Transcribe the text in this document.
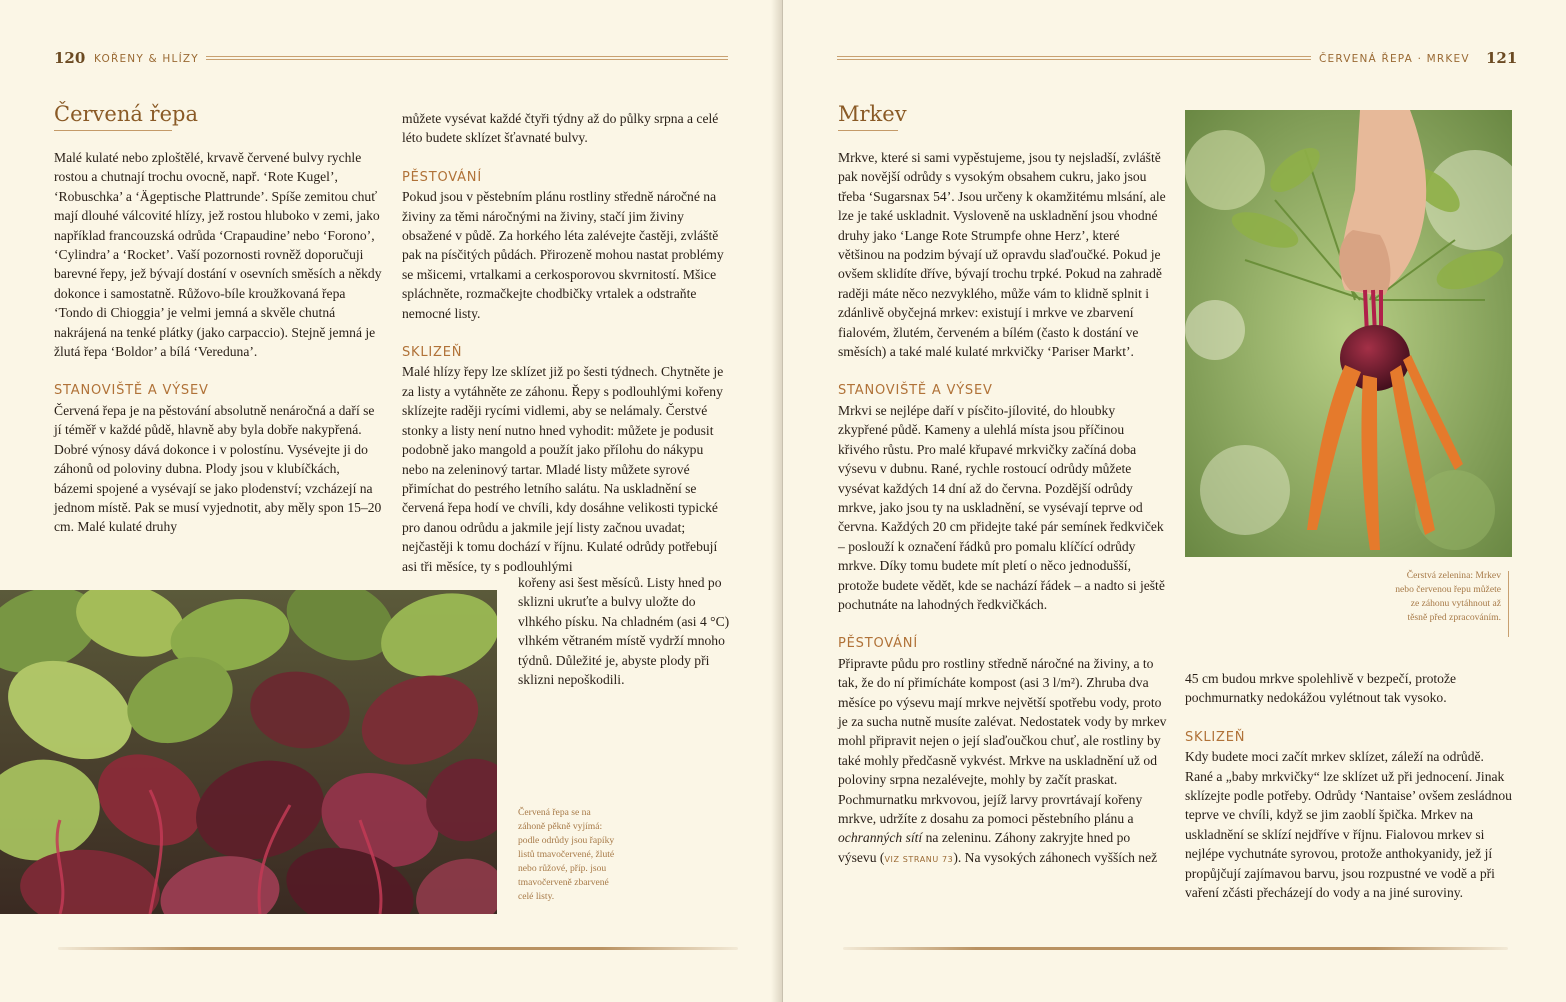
120 KOŘENY & HLÍZY
Červená řepa

Malé kulaté nebo zploštělé, krvavě červené bulvy rychle rostou a chutnají trochu ovocně, např. ‘Rote Kugel’, ‘Robuschka’ a ‘Ägeptische Plattrunde’. Spíše zemitou chuť mají dlouhé válcovité hlízy, jež rostou hluboko v zemi, jako například francouzská odrůda ‘Crapaudine’ nebo ‘Forono’, ‘Cylindra’ a ‘Rocket’. Vaší pozornosti rovněž doporučuji barevné řepy, jež bývají dostání v osevních směsích a někdy dokonce i samostatně. Růžovo-bíle kroužkovaná řepa ‘Tondo di Chioggia’ je velmi jemná a skvěle chutná nakrájená na tenké plátky (jako carpaccio). Stejně jemná je žlutá řepa ‘Boldor’ a bílá ‘Vereduna’.

STANOVIŠTĚ A VÝSEV

Červená řepa je na pěstování absolutně nenáročná a daří se jí téměř v každé půdě, hlavně aby byla dobře nakypřená. Dobré výnosy dává dokonce i v polostínu. Vysévejte ji do záhonů od poloviny dubna. Plody jsou v klubíčkách, bázemi spojené a vysévají se jako plodenství; vzcházejí na jednom místě. Pak se musí vyjednotit, aby měly spon 15–20 cm. Malé kulaté druhy

můžete vysévat každé čtyři týdny až do půlky srpna a celé léto budete sklízet šťavnaté bulvy.

PĚSTOVÁNÍ

Pokud jsou v pěstebním plánu rostliny středně náročné na živiny za těmi náročnými na živiny, stačí jim živiny obsažené v půdě. Za horkého léta zalévejte častěji, zvláště pak na písčitých půdách. Přirozeně mohou nastat problémy se mšicemi, vrtalkami a cerkosporovou skvrnitostí. Mšice spláchněte, rozmačkejte chodbičky vrtalek a odstraňte nemocné listy.

SKLIZEŇ

Malé hlízy řepy lze sklízet již po šesti týdnech. Chytněte je za listy a vytáhněte ze záhonu. Řepy s podlouhlými kořeny sklízejte raději rycími vidlemi, aby se nelámaly. Čerstvé stonky a listy není nutno hned vyhodit: můžete je podusit podobně jako mangold a použít jako přílohu do nákypu nebo na zeleninový tartar. Mladé listy můžete syrové přimíchat do pestrého letního salátu. Na uskladnění se červená řepa hodí ve chvíli, kdy dosáhne velikosti typické pro danou odrůdu a jakmile její listy začnou uvadat; nejčastěji k tomu dochází v říjnu. Kulaté odrůdy potřebují asi tři měsíce, ty s podlouhlými

kořeny asi šest měsíců. Listy hned po sklizni ukruťte a bulvy uložte do vlhkého písku. Na chladném (asi 4 °C) vlhkém větraném místě vydrží mnoho týdnů. Důležité je, abyste plody při sklizni nepoškodili.

Červená řepa se na záhoně pěkně vyjímá: podle odrůdy jsou řapíky listů tmavočervené, žluté nebo růžové, příp. jsou tmavočerveně zbarvené celé listy.
ČERVENÁ ŘEPA · MRKEV 121
Mrkev

Mrkve, které si sami vypěstujeme, jsou ty nejsladší, zvláště pak novější odrůdy s vysokým obsahem cukru, jako jsou třeba ‘Sugarsnax 54’. Jsou určeny k okamžitému mlsání, ale lze je také uskladnit. Vysloveně na uskladnění jsou vhodné druhy jako ‘Lange Rote Strumpfe ohne Herz’, které většinou na podzim bývají už opravdu slaďoučké. Pokud je ovšem sklidíte dříve, bývají trochu trpké. Pokud na zahradě raději máte něco nezvyklého, může vám to klidně splnit i zdánlivě obyčejná mrkev: existují i mrkve ve zbarvení fialovém, žlutém, červeném a bílém (často k dostání ve směsích) a také malé kulaté mrkvičky ‘Pariser Markt’.

STANOVIŠTĚ A VÝSEV

Mrkvi se nejlépe daří v písčito-jílovité, do hloubky zkypřené půdě. Kameny a ulehlá místa jsou příčinou křivého růstu. Pro malé křupavé mrkvičky začíná doba výsevu v dubnu. Rané, rychle rostoucí odrůdy můžete vysévat každých 14 dní až do června. Pozdější odrůdy mrkve, jako jsou ty na uskladnění, se vysévají teprve od června. Každých 20 cm přidejte také pár semínek ředkviček – poslouží k označení řádků pro pomalu klíčící odrůdy mrkve. Díky tomu budete mít pletí o něco jednodušší, protože budete vědět, kde se nachází řádek – a nadto si ještě pochutnáte na lahodných ředkvičkách.

PĚSTOVÁNÍ

Připravte půdu pro rostliny středně náročné na živiny, a to tak, že do ní přimícháte kompost (asi 3 l/m²). Zhruba dva měsíce po výsevu mají mrkve největší spotřebu vody, proto je za sucha nutně musíte zalévat. Nedostatek vody by mrkev mohl připravit nejen o její slaďoučkou chuť, ale rostliny by také mohly předčasně vykvést. Mrkve na uskladnění už od poloviny srpna nezalévejte, mohly by začít praskat. Pochmurnatku mrkvovou, jejíž larvy provrtávají kořeny mrkve, udržíte z dosahu za pomoci pěstebního plánu a ochranných sítí na zeleninu. Záhony zakryjte hned po výsevu (VIZ STRANU 73). Na vysokých záhonech vyšších než

Čerstvá zelenina: Mrkev nebo červenou řepu můžete ze záhonu vytáhnout až těsně před zpracováním.

45 cm budou mrkve spolehlivě v bezpečí, protože pochmurnatky nedokážou vylétnout tak vysoko.

SKLIZEŇ

Kdy budete moci začít mrkev sklízet, záleží na odrůdě. Rané a „baby mrkvičky“ lze sklízet už při jednocení. Jinak sklízejte podle potřeby. Odrůdy ‘Nantaise’ ovšem zesládnou teprve ve chvíli, když se jim zaoblí špička. Mrkev na uskladnění se sklízí nejdříve v říjnu. Fialovou mrkev si nejlépe vychutnáte syrovou, protože anthokyanidy, jež jí propůjčují zajímavou barvu, jsou rozpustné ve vodě a při vaření zčásti přecházejí do vody a na jiné suroviny.
